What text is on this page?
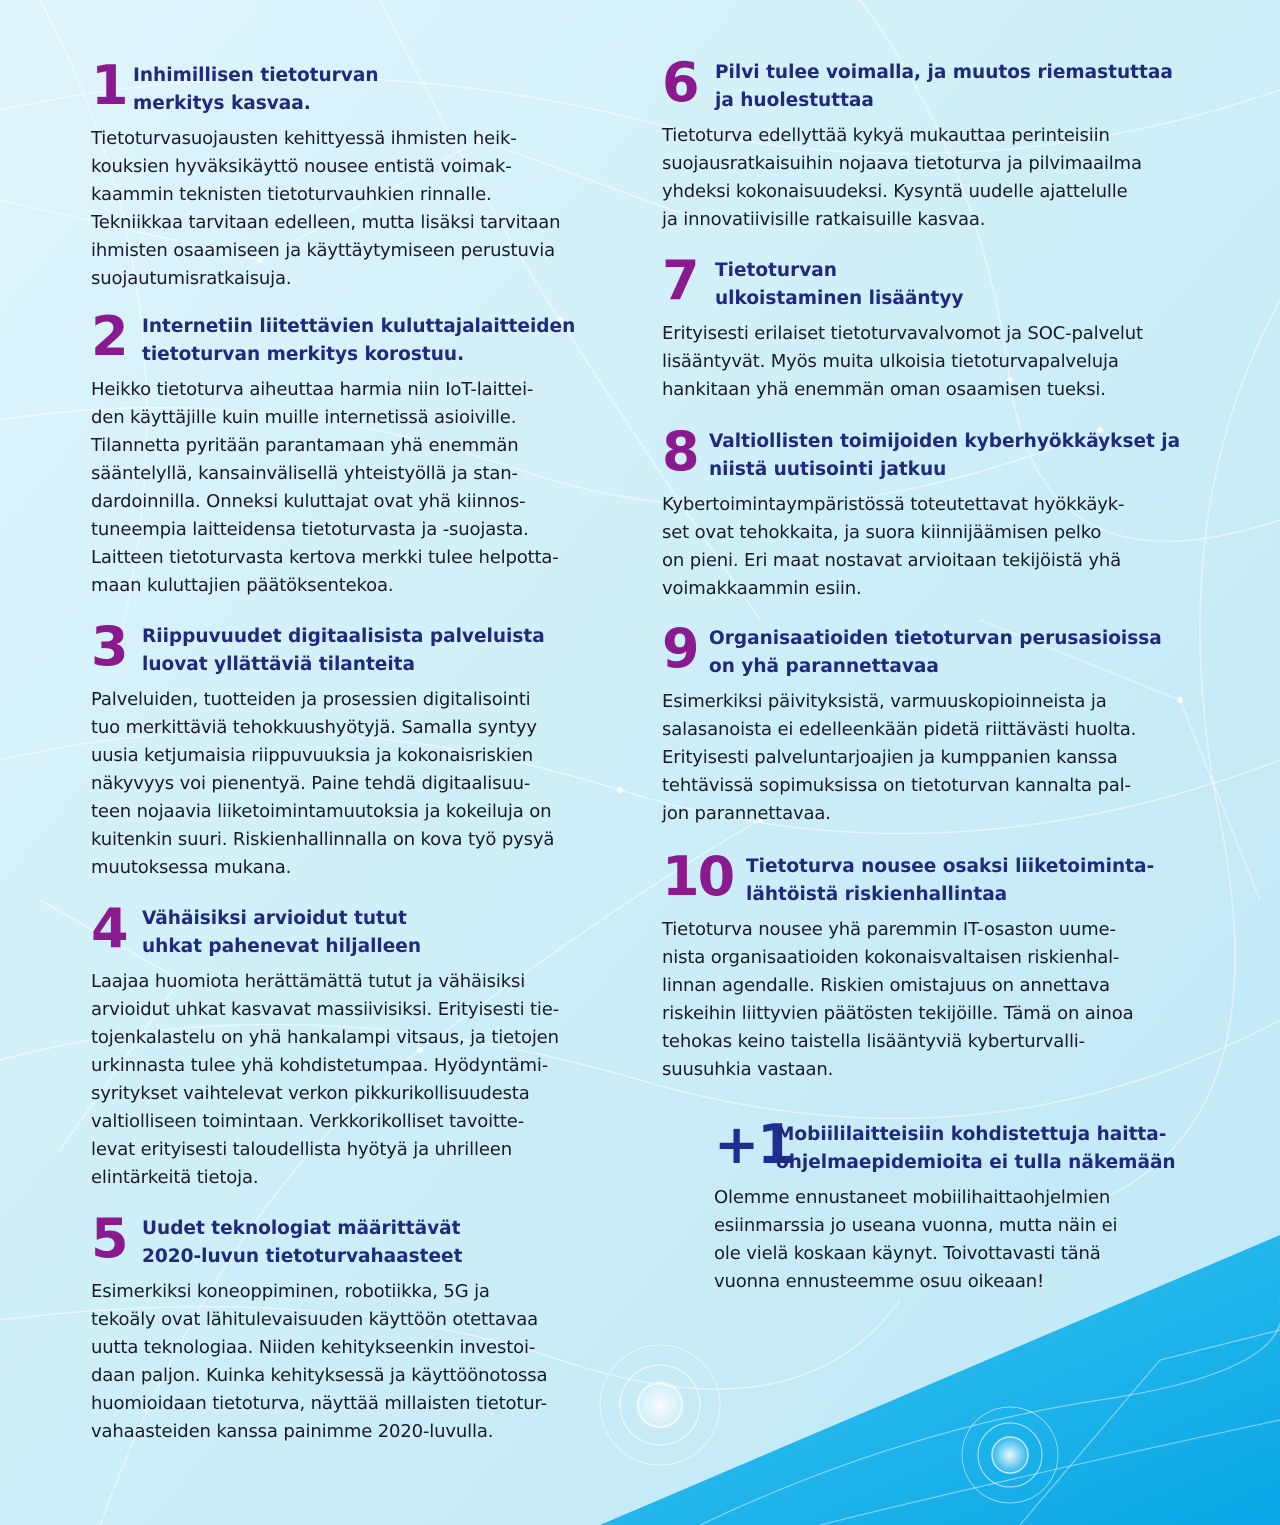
1 Inhimillisen tietoturvan
merkitys kasvaa.
Tietoturvasuojausten kehittyessä ihmisten heik-
kouksien hyväksikäyttö nousee entistä voimak-
kaammin teknisten tietoturvauhkien rinnalle.
Tekniikkaa tarvitaan edelleen, mutta lisäksi tarvitaan
ihmisten osaamiseen ja käyttäytymiseen perustuvia
suojautumisratkaisuja.
2 Internetiin liitettävien kuluttajalaitteiden
tietoturvan merkitys korostuu.
Heikko tietoturva aiheuttaa harmia niin IoT-laittei-
den käyttäjille kuin muille internetissä asioiville.
Tilannetta pyritään parantamaan yhä enemmän
sääntelyllä, kansainvälisellä yhteistyöllä ja stan-
dardoinnilla. Onneksi kuluttajat ovat yhä kiinnos-
tuneempia laitteidensa tietoturvasta ja -suojasta.
Laitteen tietoturvasta kertova merkki tulee helpotta-
maan kuluttajien päätöksentekoa.
3 Riippuvuudet digitaalisista palveluista
luovat yllättäviä tilanteita
Palveluiden, tuotteiden ja prosessien digitalisointi
tuo merkittäviä tehokkuushyötyjä. Samalla syntyy
uusia ketjumaisia riippuvuuksia ja kokonaisriskien
näkyvyys voi pienentyä. Paine tehdä digitaalisuu-
teen nojaavia liiketoimintamuutoksia ja kokeiluja on
kuitenkin suuri. Riskienhallinnalla on kova työ pysyä
muutoksessa mukana.
4 Vähäisiksi arvioidut tutut
uhkat pahenevat hiljalleen
Laajaa huomiota herättämättä tutut ja vähäisiksi
arvioidut uhkat kasvavat massiivisiksi. Erityisesti tie-
tojenkalastelu on yhä hankalampi vitsaus, ja tietojen
urkinnasta tulee yhä kohdistetumpaa. Hyödyntämi-
syritykset vaihtelevat verkon pikkurikollisuudesta
valtiolliseen toimintaan. Verkkorikolliset tavoitte-
levat erityisesti taloudellista hyötyä ja uhrilleen
elintärkeitä tietoja.
5 Uudet teknologiat määrittävät
2020-luvun tietoturvahaasteet
Esimerkiksi koneoppiminen, robotiikka, 5G ja
tekoäly ovat lähitulevaisuuden käyttöön otettavaa
uutta teknologiaa. Niiden kehitykseenkin investoi-
daan paljon. Kuinka kehityksessä ja käyttöönotossa
huomioidaan tietoturva, näyttää millaisten tietotur-
vahaasteiden kanssa painimme 2020-luvulla.
6 Pilvi tulee voimalla, ja muutos riemastuttaa
ja huolestuttaa
Tietoturva edellyttää kykyä mukauttaa perinteisiin
suojausratkaisuihin nojaava tietoturva ja pilvimaailma
yhdeksi kokonaisuudeksi. Kysyntä uudelle ajattelulle
ja innovatiivisille ratkaisuille kasvaa.
7 Tietoturvan
ulkoistaminen lisääntyy
Erityisesti erilaiset tietoturvavalvomot ja SOC-palvelut
lisääntyvät. Myös muita ulkoisia tietoturvapalveluja
hankitaan yhä enemmän oman osaamisen tueksi.
8 Valtiollisten toimijoiden kyberhyökkäykset ja
niistä uutisointi jatkuu
Kybertoimintaympäristössä toteutettavat hyökkäyk-
set ovat tehokkaita, ja suora kiinnijäämisen pelko
on pieni. Eri maat nostavat arvioitaan tekijöistä yhä
voimakkaammin esiin.
9 Organisaatioiden tietoturvan perusasioissa
on yhä parannettavaa
Esimerkiksi päivityksistä, varmuuskopioinneista ja
salasanoista ei edelleenkään pidetä riittävästi huolta.
Erityisesti palveluntarjoajien ja kumppanien kanssa
tehtävissä sopimuksissa on tietoturvan kannalta pal-
jon parannettavaa.
10 Tietoturva nousee osaksi liiketoiminta-
lähtöistä riskienhallintaa
Tietoturva nousee yhä paremmin IT-osaston uume-
nista organisaatioiden kokonaisvaltaisen riskienhal-
linnan agendalle. Riskien omistajuus on annettava
riskeihin liittyvien päätösten tekijöille. Tämä on ainoa
tehokas keino taistella lisääntyviä kyberturvalli-
suusuhkia vastaan.
+1
Mobiililaitteisiin kohdistettuja haitta-
ohjelmaepidemioita ei tulla näkemään
Olemme ennustaneet mobiilihaittaohjelmien
esiinmarssia jo useana vuonna, mutta näin ei
ole vielä koskaan käynyt. Toivottavasti tänä
vuonna ennusteemme osuu oikeaan!
